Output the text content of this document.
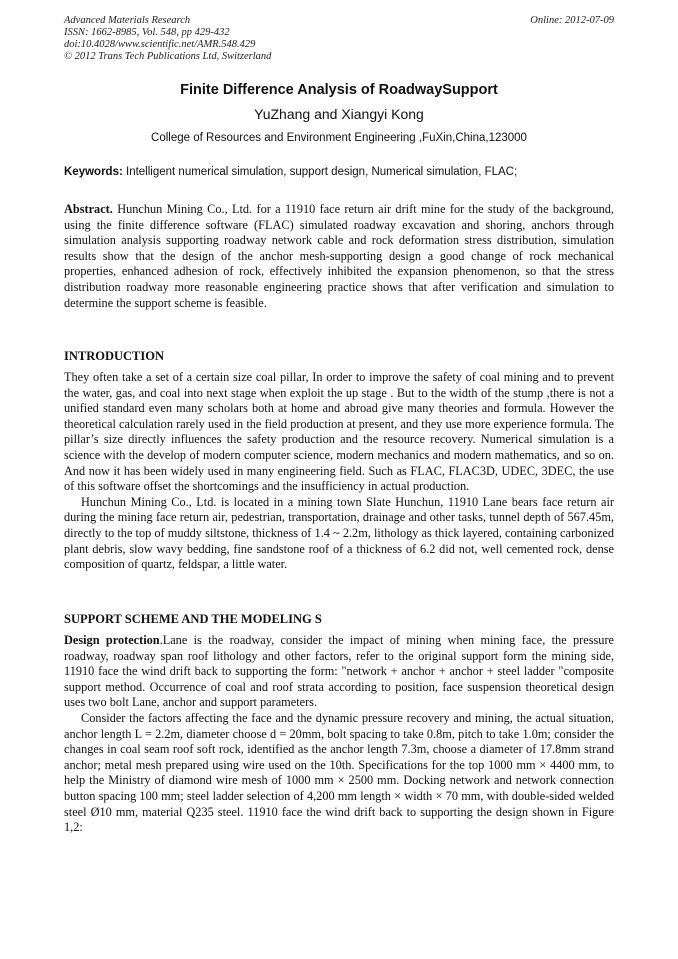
Advanced Materials Research
ISSN: 1662-8985, Vol. 548, pp 429-432
doi:10.4028/www.scientific.net/AMR.548.429
© 2012 Trans Tech Publications Ltd, Switzerland
Online: 2012-07-09
Finite Difference Analysis of RoadwaySupport
YuZhang and Xiangyi Kong
College of Resources and Environment Engineering ,FuXin,China,123000
Keywords: Intelligent numerical simulation, support design, Numerical simulation, FLAC;

Abstract. Hunchun Mining Co., Ltd. for a 11910 face return air drift mine for the study of the background, using the finite difference software (FLAC) simulated roadway excavation and shoring, anchors through simulation analysis supporting roadway network cable and rock deformation stress distribution, simulation results show that the design of the anchor mesh-supporting design a good change of rock mechanical properties, enhanced adhesion of rock, effectively inhibited the expansion phenomenon, so that the stress distribution roadway more reasonable engineering practice shows that after verification and simulation to determine the support scheme is feasible.

INTRODUCTION

They often take a set of a certain size coal pillar, In order to improve the safety of coal mining and to prevent the water, gas, and coal into next stage when exploit the up stage . But to the width of the stump ,there is not a unified standard even many scholars both at home and abroad give many theories and formula. However the theoretical calculation rarely used in the field production at present, and they use more experience formula. The pillar’s size directly influences the safety production and the resource recovery. Numerical simulation is a science with the develop of modern computer science, modern mechanics and modern mathematics, and so on. And now it has been widely used in many engineering field. Such as FLAC, FLAC3D, UDEC, 3DEC, the use of this software offset the shortcomings and the insufficiency in actual production.

Hunchun Mining Co., Ltd. is located in a mining town Slate Hunchun, 11910 Lane bears face return air during the mining face return air, pedestrian, transportation, drainage and other tasks, tunnel depth of 567.45m, directly to the top of muddy siltstone, thickness of 1.4 ~ 2.2m, lithology as thick layered, containing carbonized plant debris, slow wavy bedding, fine sandstone roof of a thickness of 6.2 did not, well cemented rock, dense composition of quartz, feldspar, a little water.

SUPPORT SCHEME AND THE MODELING S

Design protection.Lane is the roadway, consider the impact of mining when mining face, the pressure roadway, roadway span roof lithology and other factors, refer to the original support form the mining side, 11910 face the wind drift back to supporting the form: "network + anchor + anchor + steel ladder "composite support method. Occurrence of coal and roof strata according to position, face suspension theoretical design uses two bolt Lane, anchor and support parameters.

Consider the factors affecting the face and the dynamic pressure recovery and mining, the actual situation, anchor length L = 2.2m, diameter choose d = 20mm, bolt spacing to take 0.8m, pitch to take 1.0m; consider the changes in coal seam roof soft rock, identified as the anchor length 7.3m, choose a diameter of 17.8mm strand anchor; metal mesh prepared using wire used on the 10th. Specifications for the top 1000 mm × 4400 mm, to help the Ministry of diamond wire mesh of 1000 mm × 2500 mm. Docking network and network connection button spacing 100 mm; steel ladder selection of 4,200 mm length × width × 70 mm, with double-sided welded steel Ø10 mm, material Q235 steel. 11910 face the wind drift back to supporting the design shown in Figure 1,2:
